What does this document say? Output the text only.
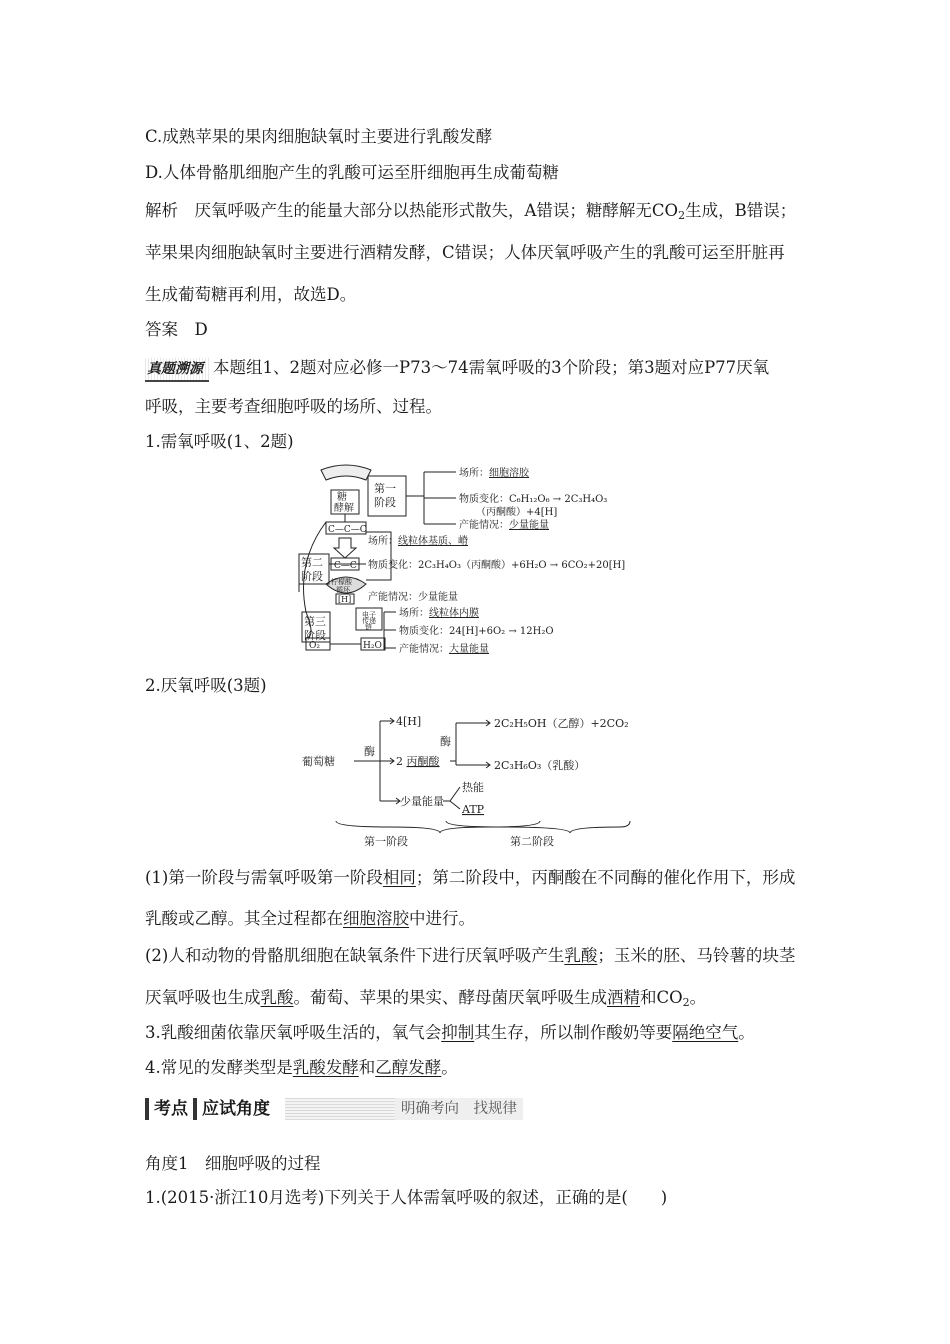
C.成熟苹果的果肉细胞缺氧时主要进行乳酸发酵
D.人体骨骼肌细胞产生的乳酸可运至肝细胞再生成葡萄糖
解析　厌氧呼吸产生的能量大部分以热能形式散失，A错误；糖酵解无$CO_2$生成，B错误；
苹果果肉细胞缺氧时主要进行酒精发酵，C错误；人体厌氧呼吸产生的乳酸可运至肝脏再
生成葡萄糖再利用，故选D。
答案　D
真题溯源 本题组1、2题对应必修一P73～74需氧呼吸的3个阶段；第3题对应P77厌氧
呼吸，主要考查细胞呼吸的场所、过程。
1.需氧呼吸(1、2题)
糖
酵解
C—C—C
C—C
柠檬酸
循环
[H]
电子
传递
链
O₂	H₂O
第一
阶段
第二
阶段
第三
阶段
场所：细胞溶胶
物质变化：C₆H₁₂O₆ → 2C₃H₄O₃
（丙酮酸）+4[H]
产能情况：少量能量
场所：线粒体基质、嵴
物质变化：2C₃H₄O₃（丙酮酸）+6H₂O → 6CO₂+20[H]
产能情况：少量能量
场所：线粒体内膜
物质变化：24[H]+6O₂ → 12H₂O
产能情况：大量能量
2.厌氧呼吸(3题)
葡萄糖
酶
4[H]
2 丙酮酸
少量能量
酶
2C₂H₅OH（乙醇）+2CO₂
2C₃H₆O₃（乳酸）
热能
ATP
第一阶段	第二阶段
(1)第一阶段与需氧呼吸第一阶段相同；第二阶段中，丙酮酸在不同酶的催化作用下，形成
乳酸或乙醇。其全过程都在细胞溶胶中进行。
(2)人和动物的骨骼肌细胞在缺氧条件下进行厌氧呼吸产生乳酸；玉米的胚、马铃薯的块茎
厌氧呼吸也生成乳酸。葡萄、苹果的果实、酵母菌厌氧呼吸生成酒精和$CO_2$。
3.乳酸细菌依靠厌氧呼吸生活的，氧气会抑制其生存，所以制作酸奶等要隔绝空气。
4.常见的发酵类型是乳酸发酵和乙醇发酵。
考点 应试角度	明确考向　找规律
角度1　细胞呼吸的过程
1.(2015·浙江10月选考)下列关于人体需氧呼吸的叙述，正确的是(　　)
